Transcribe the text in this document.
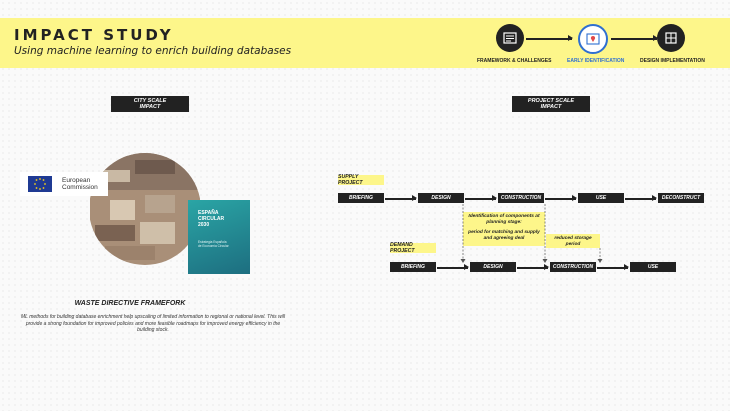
IMPACT STUDY
Using machine learning to enrich building databases
FRAMEWORK & CHALLENGES	EARLY IDENTIFICATION	DESIGN IMPLEMENTATION
CITY SCALE
IMPACT
European
Commission
ESPAÑA
CIRCULAR
2030
Estrategia Española
de Economía Circular
WASTE DIRECTIVE FRAMEFORK
ML methods for building database enrichment help upscaling of limited information to regional or national level. This will provide a strong foundation for improved policies and more feasible roadmaps for improved energy efficiency in the building stock.
PROJECT SCALE
IMPACT
SUPPLY PROJECT
BRIEFING	DESIGN	CONSTRUCTION	USE	DECONSTRUCT
Identification of components at planning stage:
period for matching and supply and agreeing deal	reduced storage period
DEMAND PROJECT
BRIEFING	DESIGN	CONSTRUCTION	USE
